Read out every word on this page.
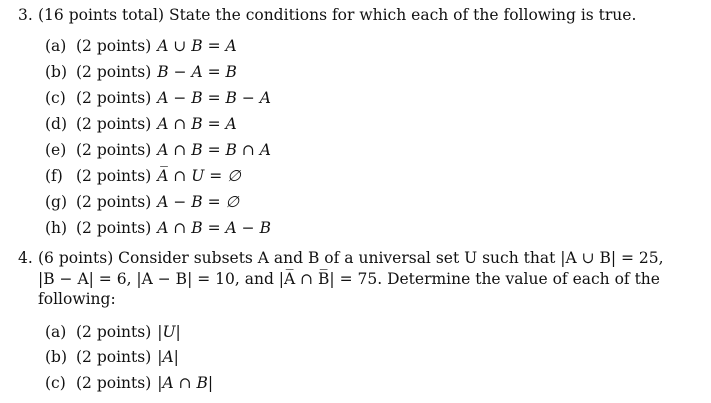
3. (16 points total) State the conditions for which each of the following is true.
(a) (2 points) A ∪ B = A
(b) (2 points) B − A = B
(c) (2 points) A − B = B − A
(d) (2 points) A ∩ B = A
(e) (2 points) A ∩ B = B ∩ A
(f) (2 points) A̅ ∩ U = ∅
(g) (2 points) A − B = ∅
(h) (2 points) A ∩ B = A − B
4. (6 points) Consider subsets A and B of a universal set U such that |A ∪ B| = 25,
|B − A| = 6, |A − B| = 10, and |A̅ ∩ B̅| = 75. Determine the value of each of the
following:
(a) (2 points) |U|
(b) (2 points) |A|
(c) (2 points) |A ∩ B|
